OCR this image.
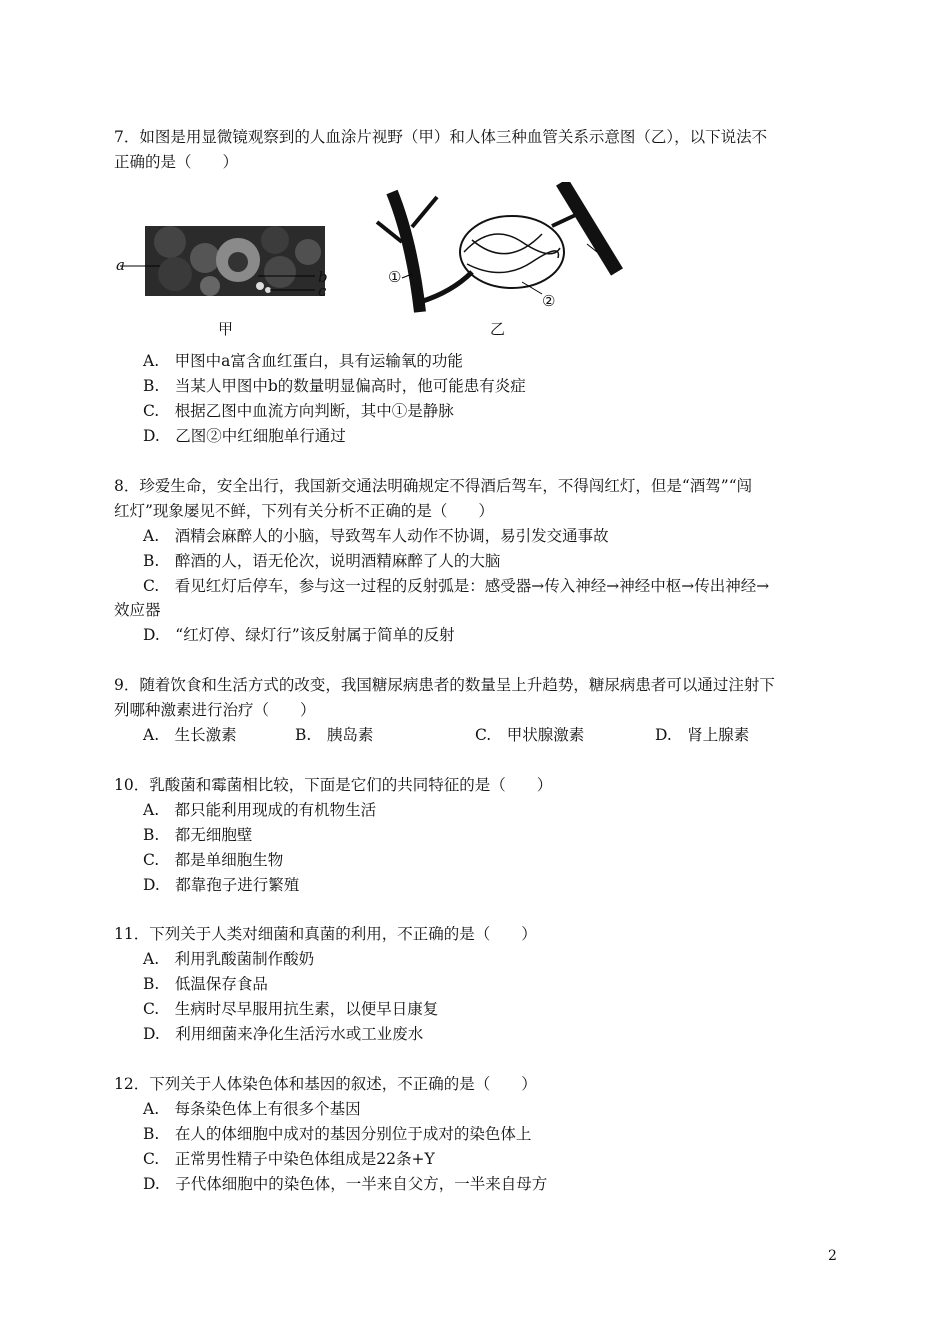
7．如图是用显微镜观察到的人血涂片视野（甲）和人体三种血管关系示意图（乙），以下说法不
正确的是（　　）
a
b
c
甲
①
②
③
乙
A.　甲图中a富含血红蛋白，具有运输氧的功能
B.　当某人甲图中b的数量明显偏高时，他可能患有炎症
C.　根据乙图中血流方向判断，其中①是静脉
D.　乙图②中红细胞单行通过
8．珍爱生命，安全出行，我国新交通法明确规定不得酒后驾车，不得闯红灯，但是“酒驾”“闯
红灯”现象屡见不鲜，下列有关分析不正确的是（　　）
A.　酒精会麻醉人的小脑，导致驾车人动作不协调，易引发交通事故
B.　醉酒的人，语无伦次，说明酒精麻醉了人的大脑
C.　看见红灯后停车，参与这一过程的反射弧是：感受器→传入神经→神经中枢→传出神经→
效应器
D.　“红灯停、绿灯行”该反射属于简单的反射
9．随着饮食和生活方式的改变，我国糖尿病患者的数量呈上升趋势，糖尿病患者可以通过注射下
列哪种激素进行治疗（　　）
A.　生长激素	B.　胰岛素	C.　甲状腺激素	D.　肾上腺素
10．乳酸菌和霉菌相比较，下面是它们的共同特征的是（　　）
A.　都只能利用现成的有机物生活
B.　都无细胞壁
C.　都是单细胞生物
D.　都靠孢子进行繁殖
11．下列关于人类对细菌和真菌的利用，不正确的是（　　）
A.　利用乳酸菌制作酸奶
B.　低温保存食品
C.　生病时尽早服用抗生素，以便早日康复
D.　利用细菌来净化生活污水或工业废水
12．下列关于人体染色体和基因的叙述，不正确的是（　　）
A.　每条染色体上有很多个基因
B.　在人的体细胞中成对的基因分别位于成对的染色体上
C.　正常男性精子中染色体组成是22条+Y
D.　子代体细胞中的染色体，一半来自父方，一半来自母方
2
